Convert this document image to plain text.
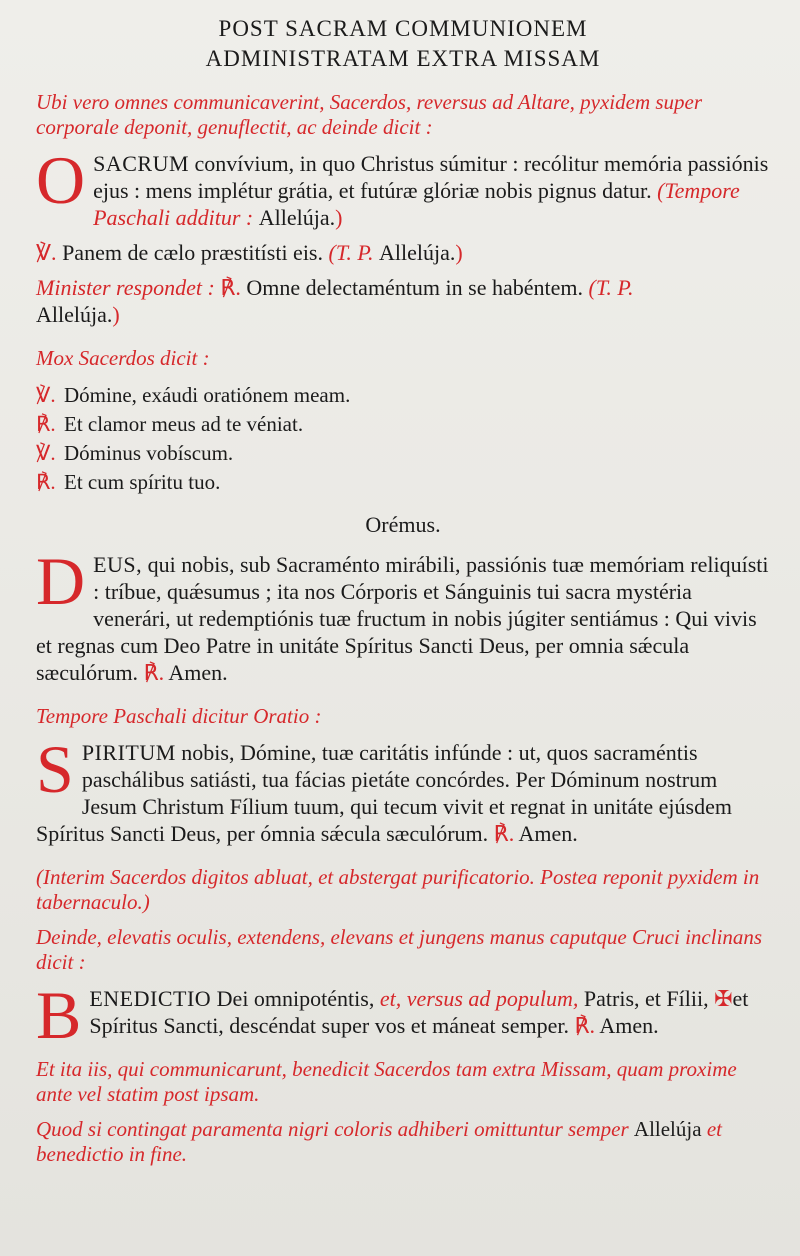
POST SACRAM COMMUNIONEM
ADMINISTRATAM EXTRA MISSAM

Ubi vero omnes communicaverint, Sacerdos, reversus ad Altare, pyxidem super corporale deponit, genuflectit, ac deinde dicit :

O SACRUM convívium, in quo Christus súmitur : recólitur memória passiónis ejus : mens implétur grátia, et futúræ glóriæ nobis pignus datur. (Tempore Paschali additur : Allelúja.)

℣. Panem de cælo præstitísti eis. (T. P. Allelúja.)

Minister respondet : ℟. Omne delectaméntum in se habéntem. (T. P.
Allelúja.)

Mox Sacerdos dicit :

℣. Dómine, exáudi oratiónem meam.

℟. Et clamor meus ad te véniat.

℣. Dóminus vobíscum.

℟. Et cum spíritu tuo.

Orémus.

D EUS, qui nobis, sub Sacraménto mirábili, passiónis tuæ memóriam reliquísti : tríbue, quǽsumus ; ita nos Córporis et Sánguinis tui sacra mystéria venerári, ut redemptiónis tuæ fructum in nobis júgiter sentiámus : Qui vivis et regnas cum Deo Patre in unitáte Spíritus Sancti Deus, per omnia sǽcula sæculórum. ℟. Amen.

Tempore Paschali dicitur Oratio :

S PIRITUM nobis, Dómine, tuæ caritátis infúnde : ut, quos sacraméntis paschálibus satiásti, tua fácias pietáte concórdes. Per Dóminum nostrum Jesum Christum Fílium tuum, qui tecum vivit et regnat in unitáte ejúsdem Spíritus Sancti Deus, per ómnia sǽcula sæculórum. ℟. Amen.

(Interim Sacerdos digitos abluat, et abstergat purificatorio. Postea reponit pyxidem in tabernaculo.)

Deinde, elevatis oculis, extendens, elevans et jungens manus caputque Cruci inclinans dicit :

B ENEDICTIO Dei omnipoténtis, et, versus ad populum, Patris, et Fílii, ✠et Spíritus Sancti, descéndat super vos et máneat semper. ℟. Amen.

Et ita iis, qui communicarunt, benedicit Sacerdos tam extra Missam, quam proxime ante vel statim post ipsam.

Quod si contingat paramenta nigri coloris adhiberi omittuntur semper Allelúja et benedictio in fine.
